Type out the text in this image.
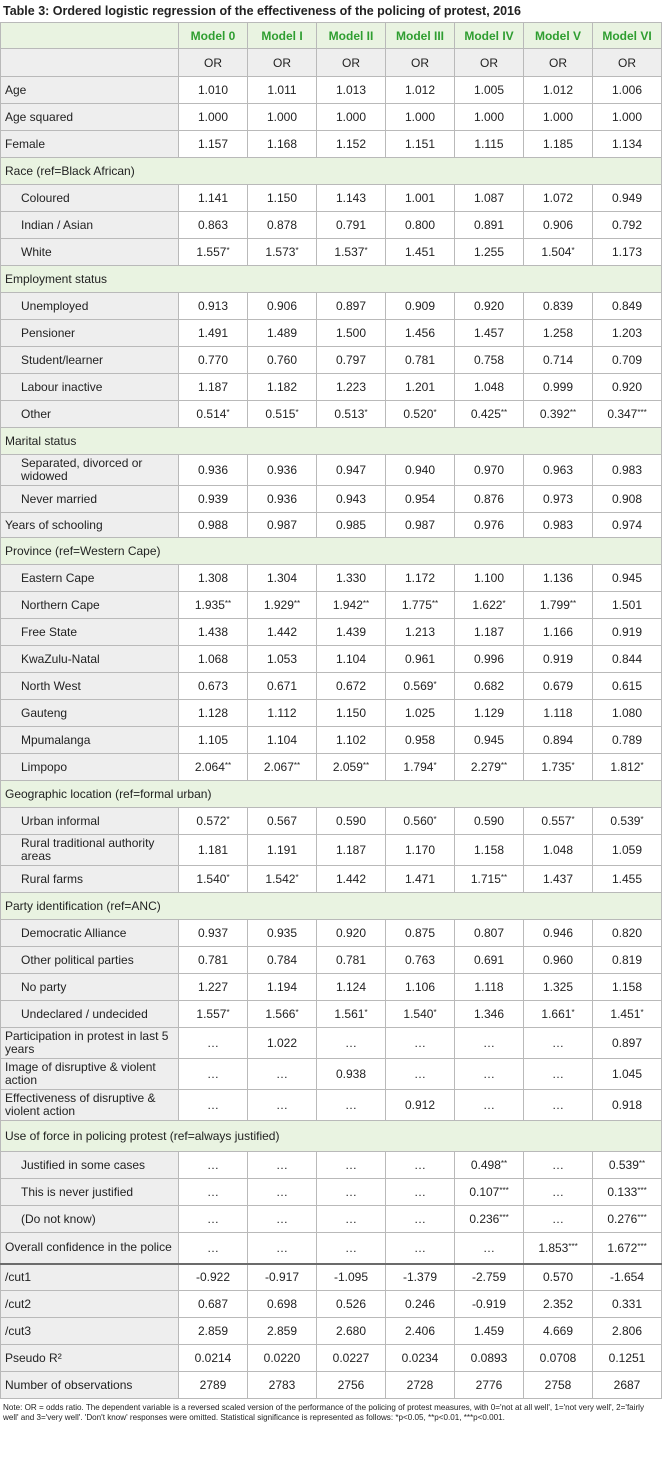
Table 3: Ordered logistic regression of the effectiveness of the policing of protest, 2016
	Model 0	Model I	Model II	Model III	Model IV	Model V	Model VI
	OR	OR	OR	OR	OR	OR	OR
Age	1.010	1.011	1.013	1.012	1.005	1.012	1.006
Age squared	1.000	1.000	1.000	1.000	1.000	1.000	1.000
Female	1.157	1.168	1.152	1.151	1.115	1.185	1.134
Race (ref=Black African)							
Coloured	1.141	1.150	1.143	1.001	1.087	1.072	0.949
Indian / Asian	0.863	0.878	0.791	0.800	0.891	0.906	0.792
White	1.557*	1.573*	1.537*	1.451	1.255	1.504*	1.173
Employment status							
Unemployed	0.913	0.906	0.897	0.909	0.920	0.839	0.849
Pensioner	1.491	1.489	1.500	1.456	1.457	1.258	1.203
Student/learner	0.770	0.760	0.797	0.781	0.758	0.714	0.709
Labour inactive	1.187	1.182	1.223	1.201	1.048	0.999	0.920
Other	0.514*	0.515*	0.513*	0.520*	0.425**	0.392**	0.347***
Marital status							
Separated, divorced or widowed	0.936	0.936	0.947	0.940	0.970	0.963	0.983
Never married	0.939	0.936	0.943	0.954	0.876	0.973	0.908
Years of schooling	0.988	0.987	0.985	0.987	0.976	0.983	0.974
Province (ref=Western Cape)							
Eastern Cape	1.308	1.304	1.330	1.172	1.100	1.136	0.945
Northern Cape	1.935**	1.929**	1.942**	1.775**	1.622*	1.799**	1.501
Free State	1.438	1.442	1.439	1.213	1.187	1.166	0.919
KwaZulu-Natal	1.068	1.053	1.104	0.961	0.996	0.919	0.844
North West	0.673	0.671	0.672	0.569*	0.682	0.679	0.615
Gauteng	1.128	1.112	1.150	1.025	1.129	1.118	1.080
Mpumalanga	1.105	1.104	1.102	0.958	0.945	0.894	0.789
Limpopo	2.064**	2.067**	2.059**	1.794*	2.279**	1.735*	1.812*
Geographic location (ref=formal urban)							
Urban informal	0.572*	0.567	0.590	0.560*	0.590	0.557*	0.539*
Rural traditional authority areas	1.181	1.191	1.187	1.170	1.158	1.048	1.059
Rural farms	1.540*	1.542*	1.442	1.471	1.715**	1.437	1.455
Party identification (ref=ANC)							
Democratic Alliance	0.937	0.935	0.920	0.875	0.807	0.946	0.820
Other political parties	0.781	0.784	0.781	0.763	0.691	0.960	0.819
No party	1.227	1.194	1.124	1.106	1.118	1.325	1.158
Undeclared / undecided	1.557*	1.566*	1.561*	1.540*	1.346	1.661*	1.451*
Participation in protest in last 5 years	…	1.022	…	…	…	…	0.897
Image of disruptive & violent action	…	…	0.938	…	…	…	1.045
Effectiveness of disruptive & violent action	…	…	…	0.912	…	…	0.918
Use of force in policing protest (ref=always justified)							
Justified in some cases	…	…	…	…	0.498**	…	0.539**
This is never justified	…	…	…	…	0.107***	…	0.133***
(Do not know)	…	…	…	…	0.236***	…	0.276***
Overall confidence in the police	…	…	…	…	…	1.853***	1.672***
/cut1	-0.922	-0.917	-1.095	-1.379	-2.759	0.570	-1.654
/cut2	0.687	0.698	0.526	0.246	-0.919	2.352	0.331
/cut3	2.859	2.859	2.680	2.406	1.459	4.669	2.806
Pseudo R²	0.0214	0.0220	0.0227	0.0234	0.0893	0.0708	0.1251
Number of observations	2789	2783	2756	2728	2776	2758	2687
Note: OR = odds ratio. The dependent variable is a reversed scaled version of the performance of the policing of protest measures, with 0='not at all well', 1='not very well', 2='fairly well' and 3='very well'. 'Don't know' responses were omitted. Statistical significance is represented as follows: *p<0.05, **p<0.01, ***p<0.001.
